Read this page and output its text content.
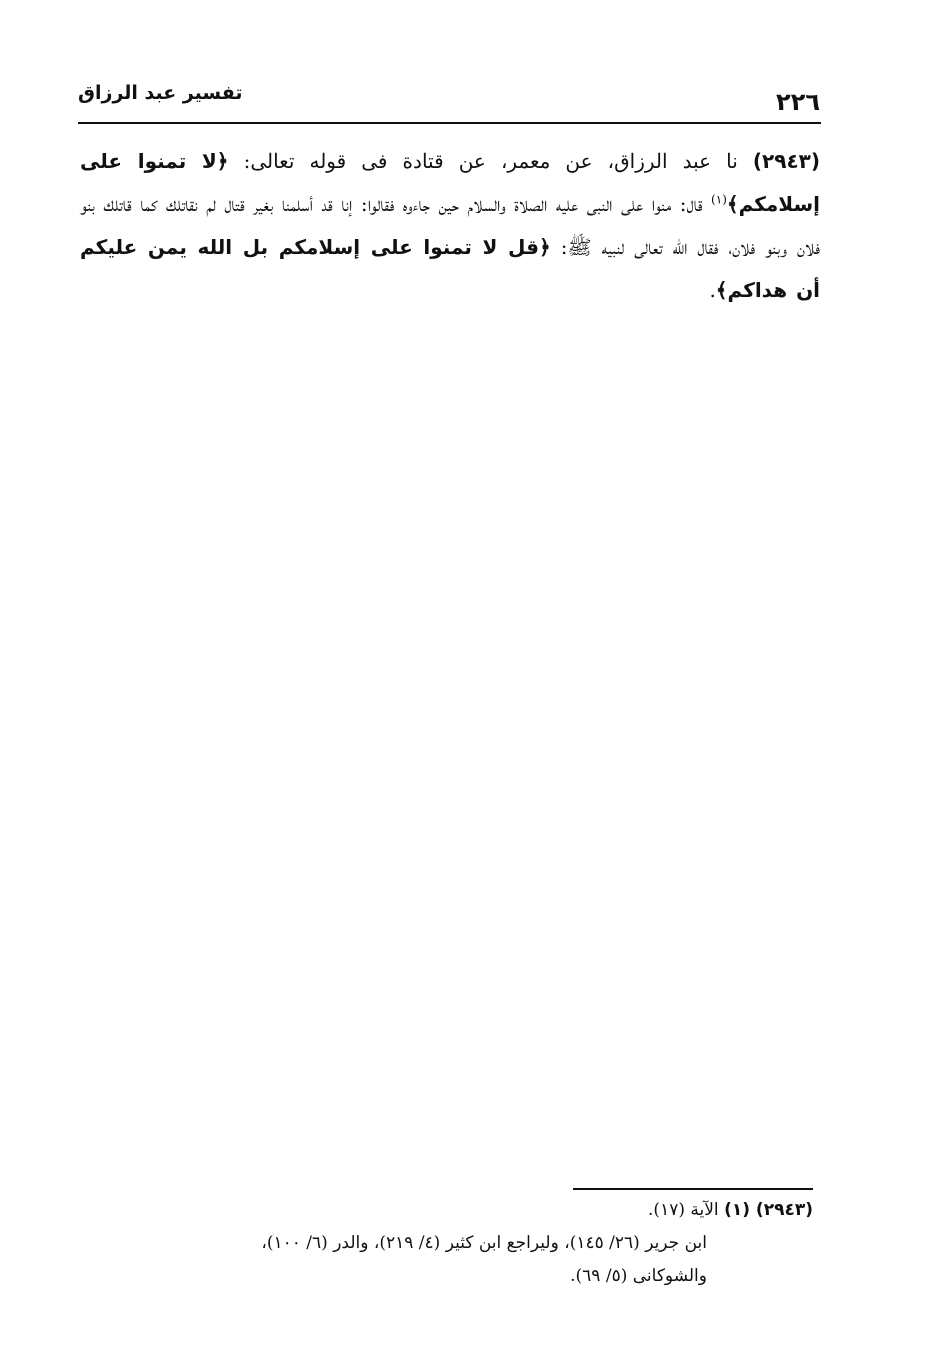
٢٢٦
تفسير عبد الرزاق
(٢٩٤٣) نا عبد الرزاق، عن معمر، عن قتادة فى قوله تعالى: ﴿لا تمنوا على إسلامكم﴾$^{(١)}$ قال: منوا على النبى عليه الصلاة والسلام حين جاءوه فقالوا: إنا قد أسلمنا بغير قتال لم نقاتلك كما قاتلك بنو فلان وبنو فلان، فقال الله تعالى لنبيه ﷺ: ﴿قل لا تمنوا على إسلامكم بل الله يمن عليكم أن هداكم﴾.
(٢٩٤٣) (١) الآية (١٧).
ابن جرير (٢٦/ ١٤٥)، وليراجع ابن كثير (٤/ ٢١٩)، والدر (٦/ ١٠٠)،
والشوكانى (٥/ ٦٩).
